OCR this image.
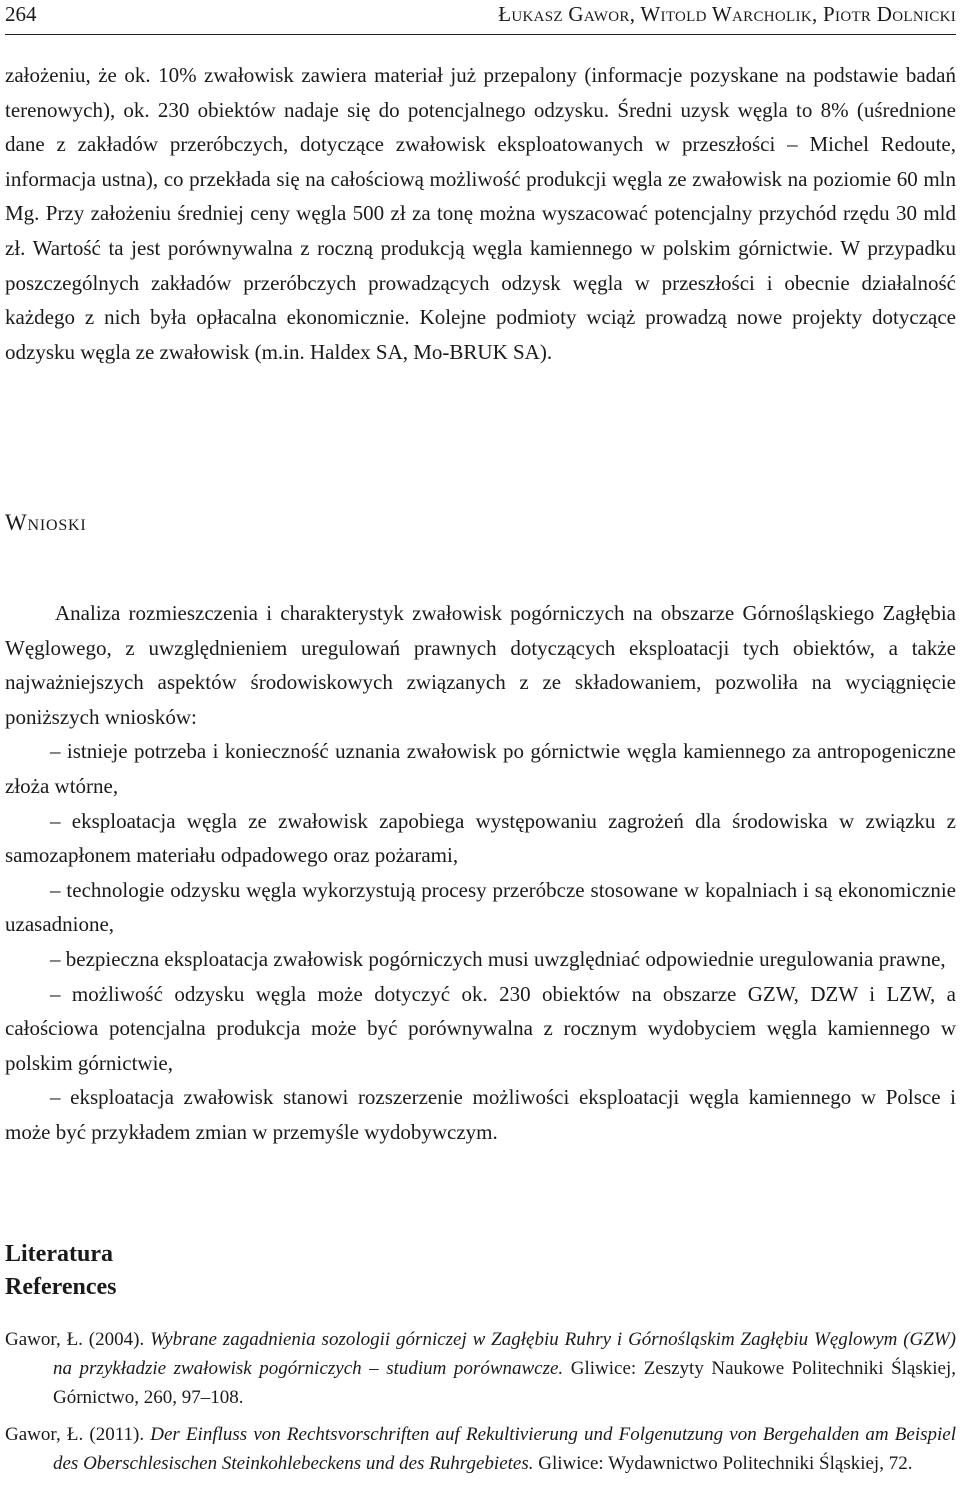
264	Łukasz Gawor, Witold Warcholik, Piotr Dolnicki

założeniu, że ok. 10% zwałowisk zawiera materiał już przepalony (informacje pozyskane na podstawie badań terenowych), ok. 230 obiektów nadaje się do potencjalnego odzysku. Średni uzysk węgla to 8% (uśrednione dane z zakładów przeróbczych, dotyczące zwałowisk eksploatowanych w przeszłości – Michel Redoute, informacja ustna), co przekłada się na całościową możliwość produkcji węgla ze zwałowisk na poziomie 60 mln Mg. Przy założeniu średniej ceny węgla 500 zł za tonę można wyszacować potencjalny przychód rzędu 30 mld zł. Wartość ta jest porównywalna z roczną produkcją węgla kamiennego w polskim górnictwie. W przypadku poszczególnych zakładów przeróbczych prowadzących odzysk węgla w przeszłości i obecnie działalność każdego z nich była opłacalna ekonomicznie. Kolejne podmioty wciąż prowadzą nowe projekty dotyczące odzysku węgla ze zwałowisk (m.in. Haldex SA, Mo-BRUK SA).

Wnioski

Analiza rozmieszczenia i charakterystyk zwałowisk pogórniczych na obszarze Górnośląskiego Zagłębia Węglowego, z uwzględnieniem uregulowań prawnych dotyczących eksploatacji tych obiektów, a także najważniejszych aspektów środowiskowych związanych z ze składowaniem, pozwoliła na wyciągnięcie poniższych wniosków:

– istnieje potrzeba i konieczność uznania zwałowisk po górnictwie węgla kamiennego za antropogeniczne złoża wtórne,

– eksploatacja węgla ze zwałowisk zapobiega występowaniu zagrożeń dla środowiska w związku z samozapłonem materiału odpadowego oraz pożarami,

– technologie odzysku węgla wykorzystują procesy przeróbcze stosowane w kopalniach i są ekonomicznie uzasadnione,

– bezpieczna eksploatacja zwałowisk pogórniczych musi uwzględniać odpowiednie uregulowania prawne,

– możliwość odzysku węgla może dotyczyć ok. 230 obiektów na obszarze GZW, DZW i LZW, a całościowa potencjalna produkcja może być porównywalna z rocznym wydobyciem węgla kamiennego w polskim górnictwie,

– eksploatacja zwałowisk stanowi rozszerzenie możliwości eksploatacji węgla kamiennego w Polsce i może być przykładem zmian w przemyśle wydobywczym.

Literatura
References

Gawor, Ł. (2004). Wybrane zagadnienia sozologii górniczej w Zagłębiu Ruhry i Górnośląskim Zagłębiu Węglowym (GZW) na przykładzie zwałowisk pogórniczych – studium porównawcze. Gliwice: Zeszyty Naukowe Politechniki Śląskiej, Górnictwo, 260, 97–108.

Gawor, Ł. (2011). Der Einfluss von Rechtsvorschriften auf Rekultivierung und Folgenutzung von Bergehalden am Beispiel des Oberschlesischen Steinkohlebeckens und des Ruhrgebietes. Gliwice: Wydawnictwo Politechniki Śląskiej, 72.
